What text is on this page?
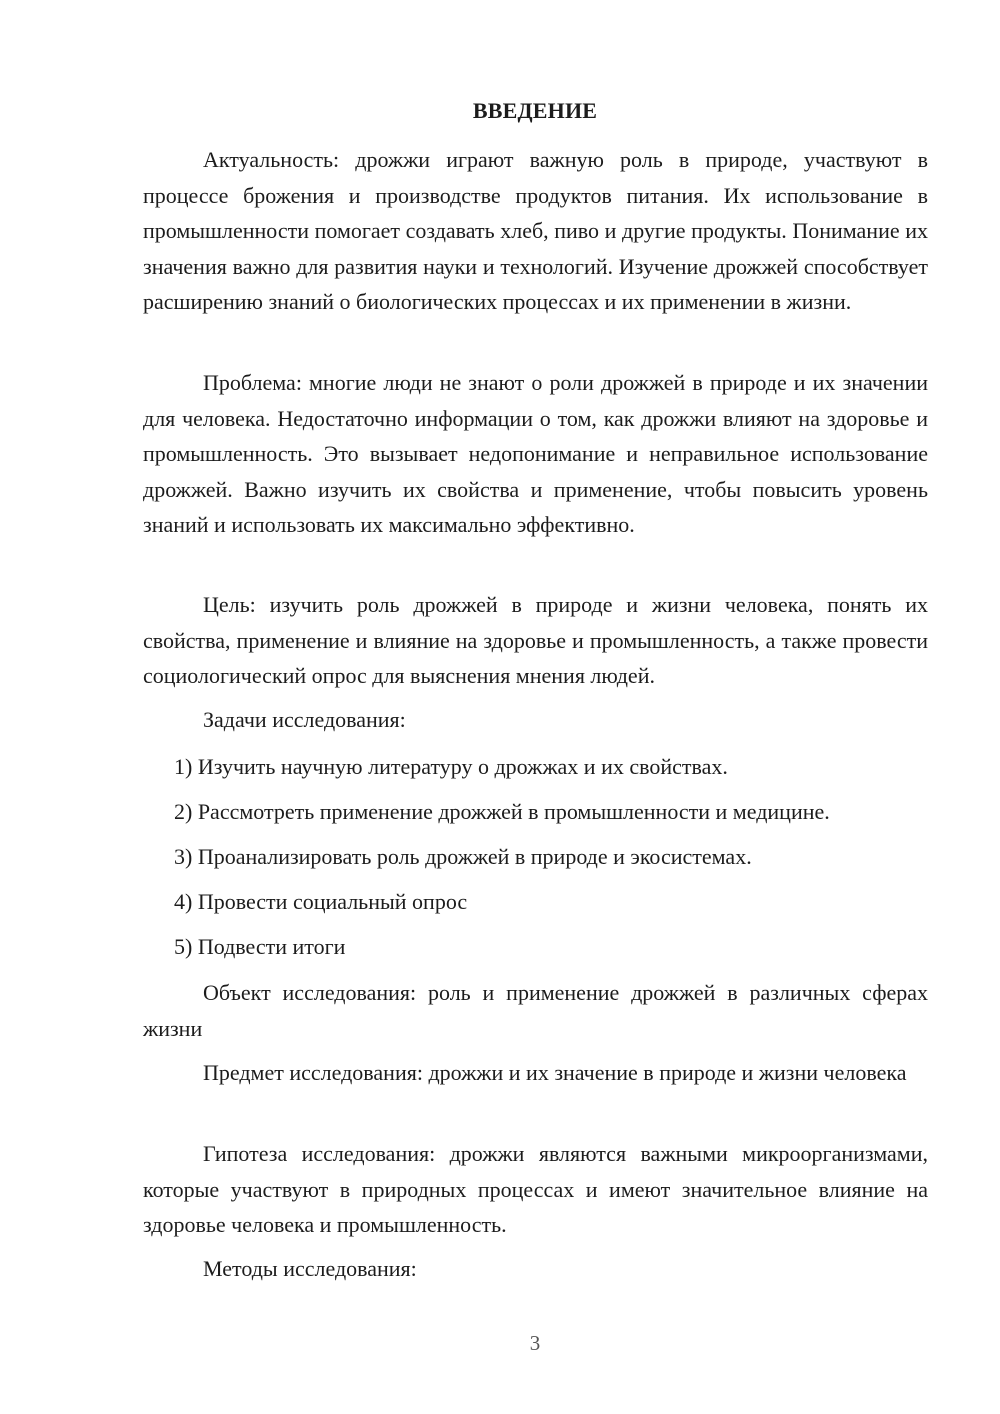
ВВЕДЕНИЕ

Актуальность: дрожжи играют важную роль в природе, участвуют в процессе брожения и производстве продуктов питания. Их использование в промышленности помогает создавать хлеб, пиво и другие продукты. Понимание их значения важно для развития науки и технологий. Изучение дрожжей способствует расширению знаний о биологических процессах и их применении в жизни.

Проблема: многие люди не знают о роли дрожжей в природе и их значении для человека. Недостаточно информации о том, как дрожжи влияют на здоровье и промышленность. Это вызывает недопонимание и неправильное использование дрожжей. Важно изучить их свойства и применение, чтобы повысить уровень знаний и использовать их максимально эффективно.

Цель: изучить роль дрожжей в природе и жизни человека, понять их свойства, применение и влияние на здоровье и промышленность, а также провести социологический опрос для выяснения мнения людей.

Задачи исследования:

1) Изучить научную литературу о дрожжах и их свойствах.

2) Рассмотреть применение дрожжей в промышленности и медицине.

3) Проанализировать роль дрожжей в природе и экосистемах.

4) Провести социальный опрос

5) Подвести итоги

Объект исследования: роль и применение дрожжей в различных сферах жизни

Предмет исследования: дрожжи и их значение в природе и жизни человека

Гипотеза исследования: дрожжи являются важными микроорганизмами, которые участвуют в природных процессах и имеют значительное влияние на здоровье человека и промышленность.

Методы исследования:

3
